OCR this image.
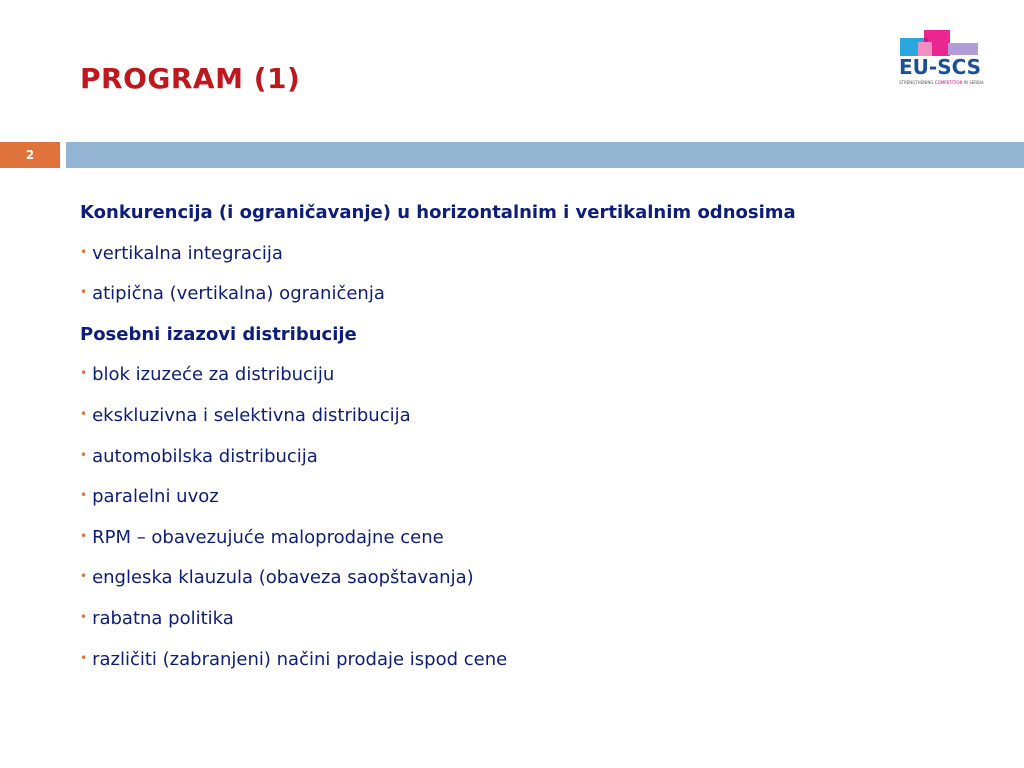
PROGRAM (1)	EU-SCS
STRENGTHENING COMPETITION IN SERBIA
2
Konkurencija (i ograničavanje) u horizontalnim i vertikalnim odnosima
• vertikalna integracija
• atipična (vertikalna) ograničenja
Posebni izazovi distribucije
• blok izuzeće za distribuciju
• ekskluzivna i selektivna distribucija
• automobilska distribucija
• paralelni uvoz
• RPM – obavezujuće maloprodajne cene
• engleska klauzula (obaveza saopštavanja)
• rabatna politika
• različiti (zabranjeni) načini prodaje ispod cene
